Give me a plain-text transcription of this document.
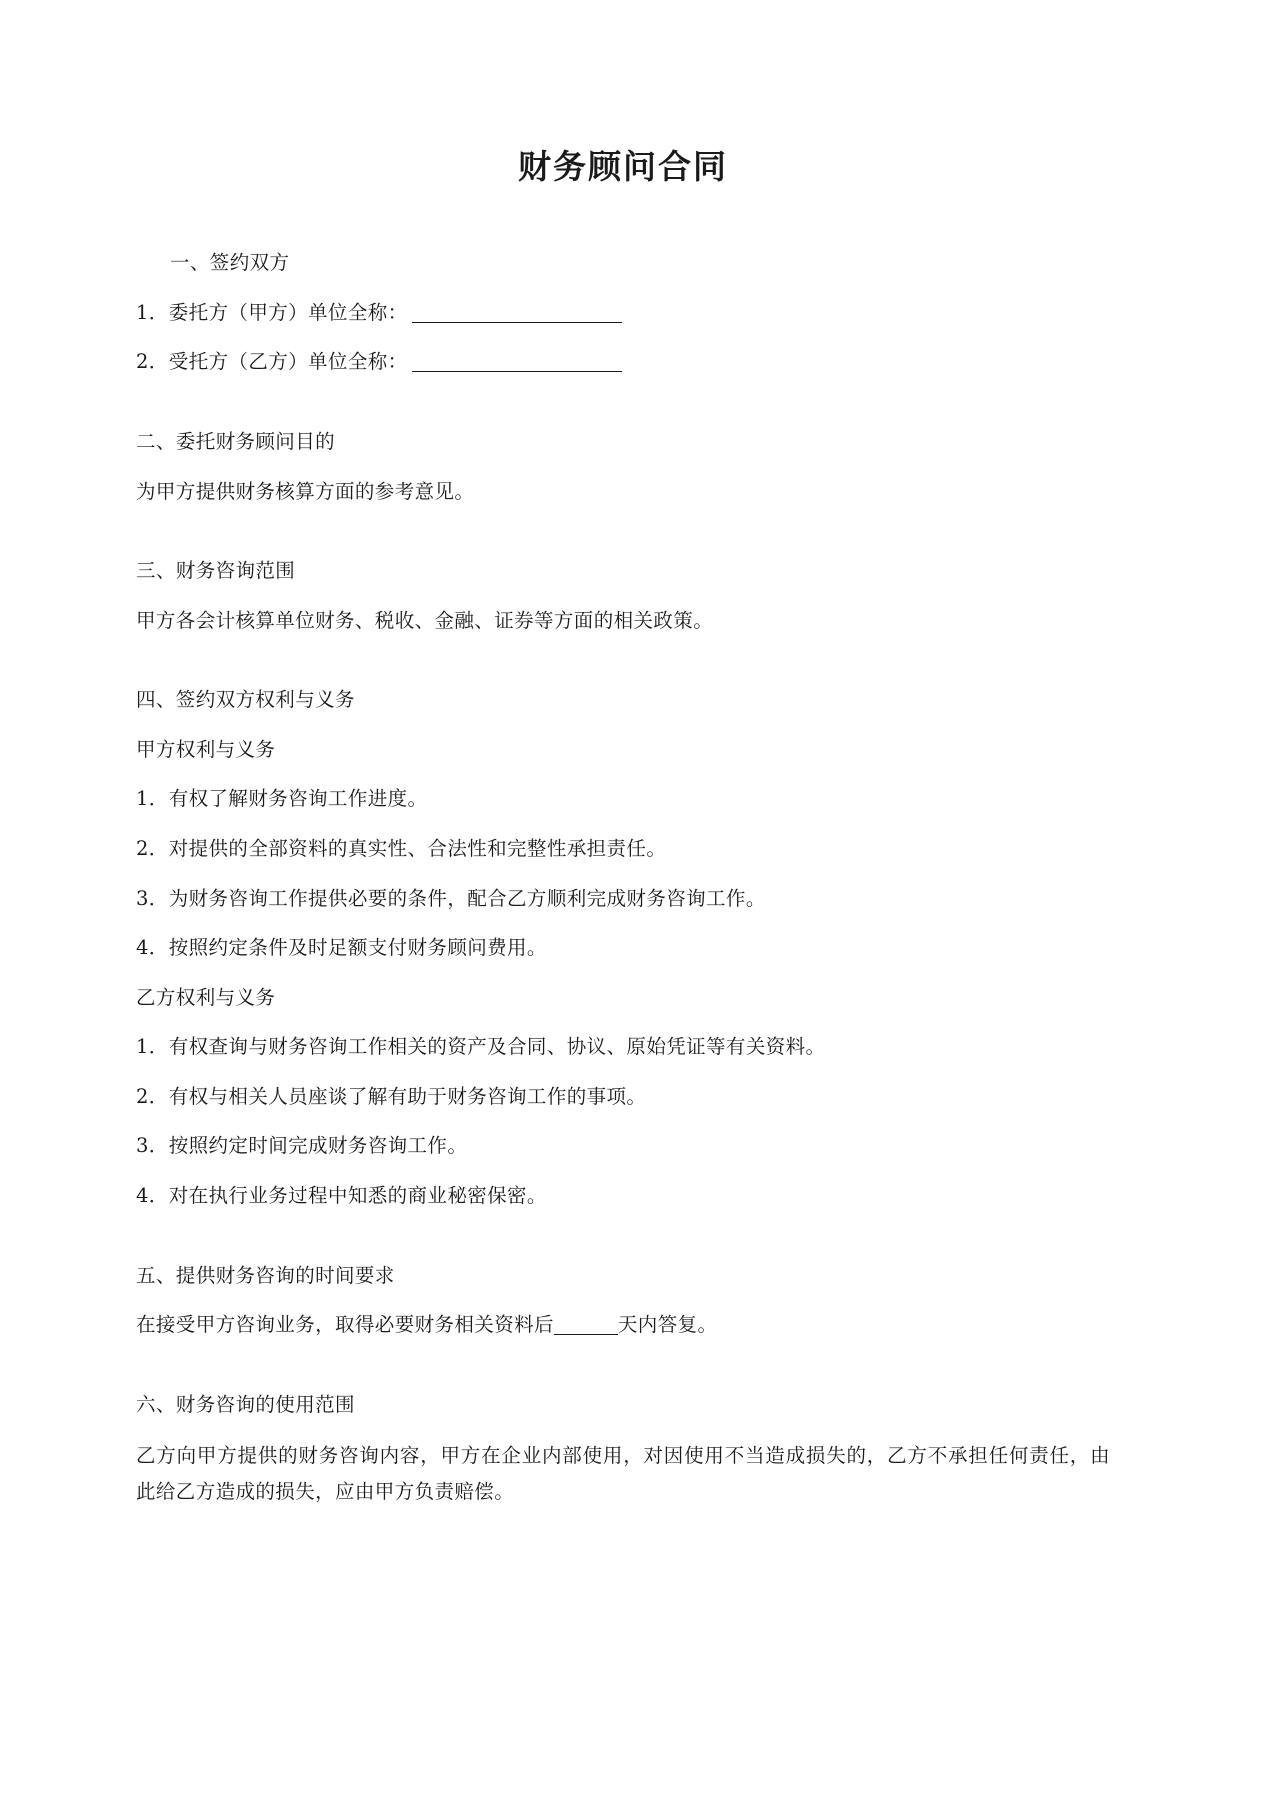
财务顾问合同

一、签约双方

1．委托方（甲方）单位全称：

2．受托方（乙方）单位全称：

二、委托财务顾问目的

为甲方提供财务核算方面的参考意见。

三、财务咨询范围

甲方各会计核算单位财务、税收、金融、证券等方面的相关政策。

四、签约双方权利与义务

甲方权利与义务

1．有权了解财务咨询工作进度。

2．对提供的全部资料的真实性、合法性和完整性承担责任。

3．为财务咨询工作提供必要的条件，配合乙方顺利完成财务咨询工作。

4．按照约定条件及时足额支付财务顾问费用。

乙方权利与义务

1．有权查询与财务咨询工作相关的资产及合同、协议、原始凭证等有关资料。

2．有权与相关人员座谈了解有助于财务咨询工作的事项。

3．按照约定时间完成财务咨询工作。

4．对在执行业务过程中知悉的商业秘密保密。

五、提供财务咨询的时间要求

在接受甲方咨询业务，取得必要财务相关资料后	天内答复。

六、财务咨询的使用范围

乙方向甲方提供的财务咨询内容，甲方在企业内部使用，对因使用不当造成损失的，乙方不承担任何责任，由此给乙方造成的损失，应由甲方负责赔偿。
